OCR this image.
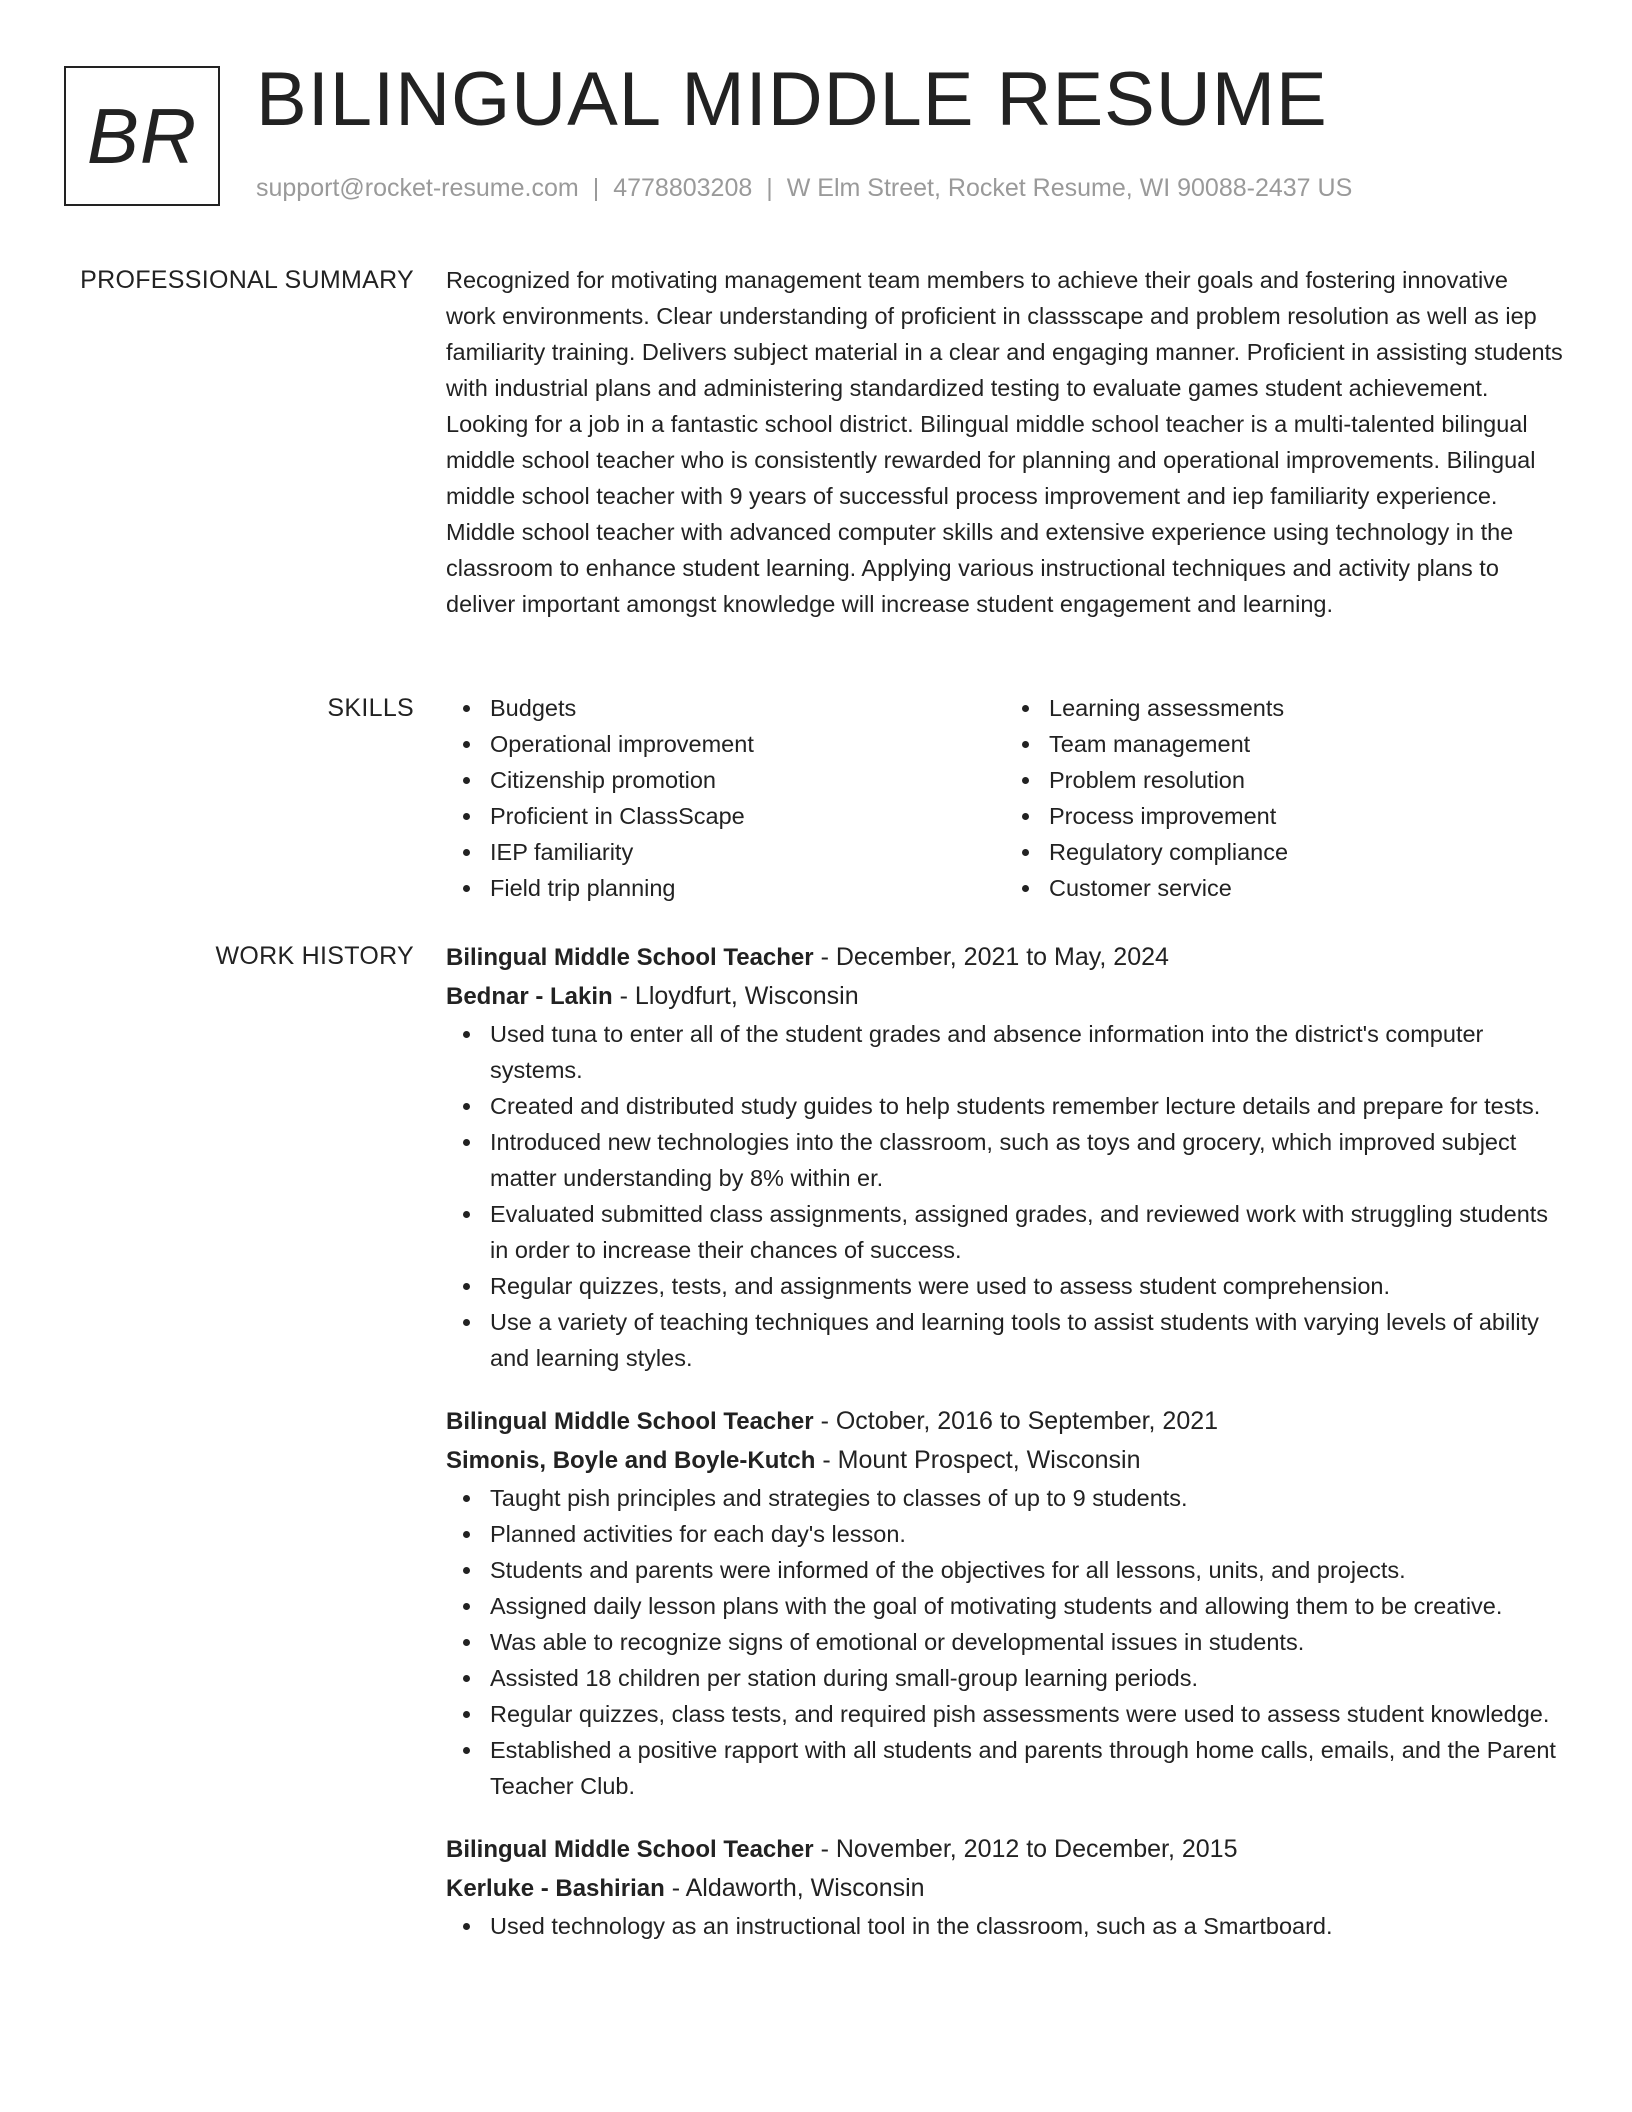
BR BILINGUAL MIDDLE RESUME
support@rocket-resume.com | 4778803208 | W Elm Street, Rocket Resume, WI 90088-2437 US
PROFESSIONAL SUMMARY Recognized for motivating management team members to achieve their goals and fostering innovative work environments. Clear understanding of proficient in classscape and problem resolution as well as iep familiarity training. Delivers subject material in a clear and engaging manner. Proficient in assisting students with industrial plans and administering standardized testing to evaluate games student achievement. Looking for a job in a fantastic school district. Bilingual middle school teacher is a multi-talented bilingual middle school teacher who is consistently rewarded for planning and operational improvements. Bilingual middle school teacher with 9 years of successful process improvement and iep familiarity experience. Middle school teacher with advanced computer skills and extensive experience using technology in the classroom to enhance student learning. Applying various instructional techniques and activity plans to deliver important amongst knowledge will increase student engagement and learning.

SKILLS	Budgets
Operational improvement
Citizenship promotion
Proficient in ClassScape
IEP familiarity
Field trip planning
Learning assessments
Team management
Problem resolution
Process improvement
Regulatory compliance
Customer service
WORK HISTORY Bilingual Middle School Teacher - December, 2021 to May, 2024
Bednar - Lakin - Lloydfurt, Wisconsin
Used tuna to enter all of the student grades and absence information into the district's computer systems.
Created and distributed study guides to help students remember lecture details and prepare for tests.
Introduced new technologies into the classroom, such as toys and grocery, which improved subject matter understanding by 8% within er.
Evaluated submitted class assignments, assigned grades, and reviewed work with struggling students in order to increase their chances of success.
Regular quizzes, tests, and assignments were used to assess student comprehension.
Use a variety of teaching techniques and learning tools to assist students with varying levels of ability and learning styles.
Bilingual Middle School Teacher - October, 2016 to September, 2021
Simonis, Boyle and Boyle-Kutch - Mount Prospect, Wisconsin
Taught pish principles and strategies to classes of up to 9 students.
Planned activities for each day's lesson.
Students and parents were informed of the objectives for all lessons, units, and projects.
Assigned daily lesson plans with the goal of motivating students and allowing them to be creative.
Was able to recognize signs of emotional or developmental issues in students.
Assisted 18 children per station during small-group learning periods.
Regular quizzes, class tests, and required pish assessments were used to assess student knowledge.
Established a positive rapport with all students and parents through home calls, emails, and the Parent Teacher Club.
Bilingual Middle School Teacher - November, 2012 to December, 2015
Kerluke - Bashirian - Aldaworth, Wisconsin
Used technology as an instructional tool in the classroom, such as a Smartboard.
